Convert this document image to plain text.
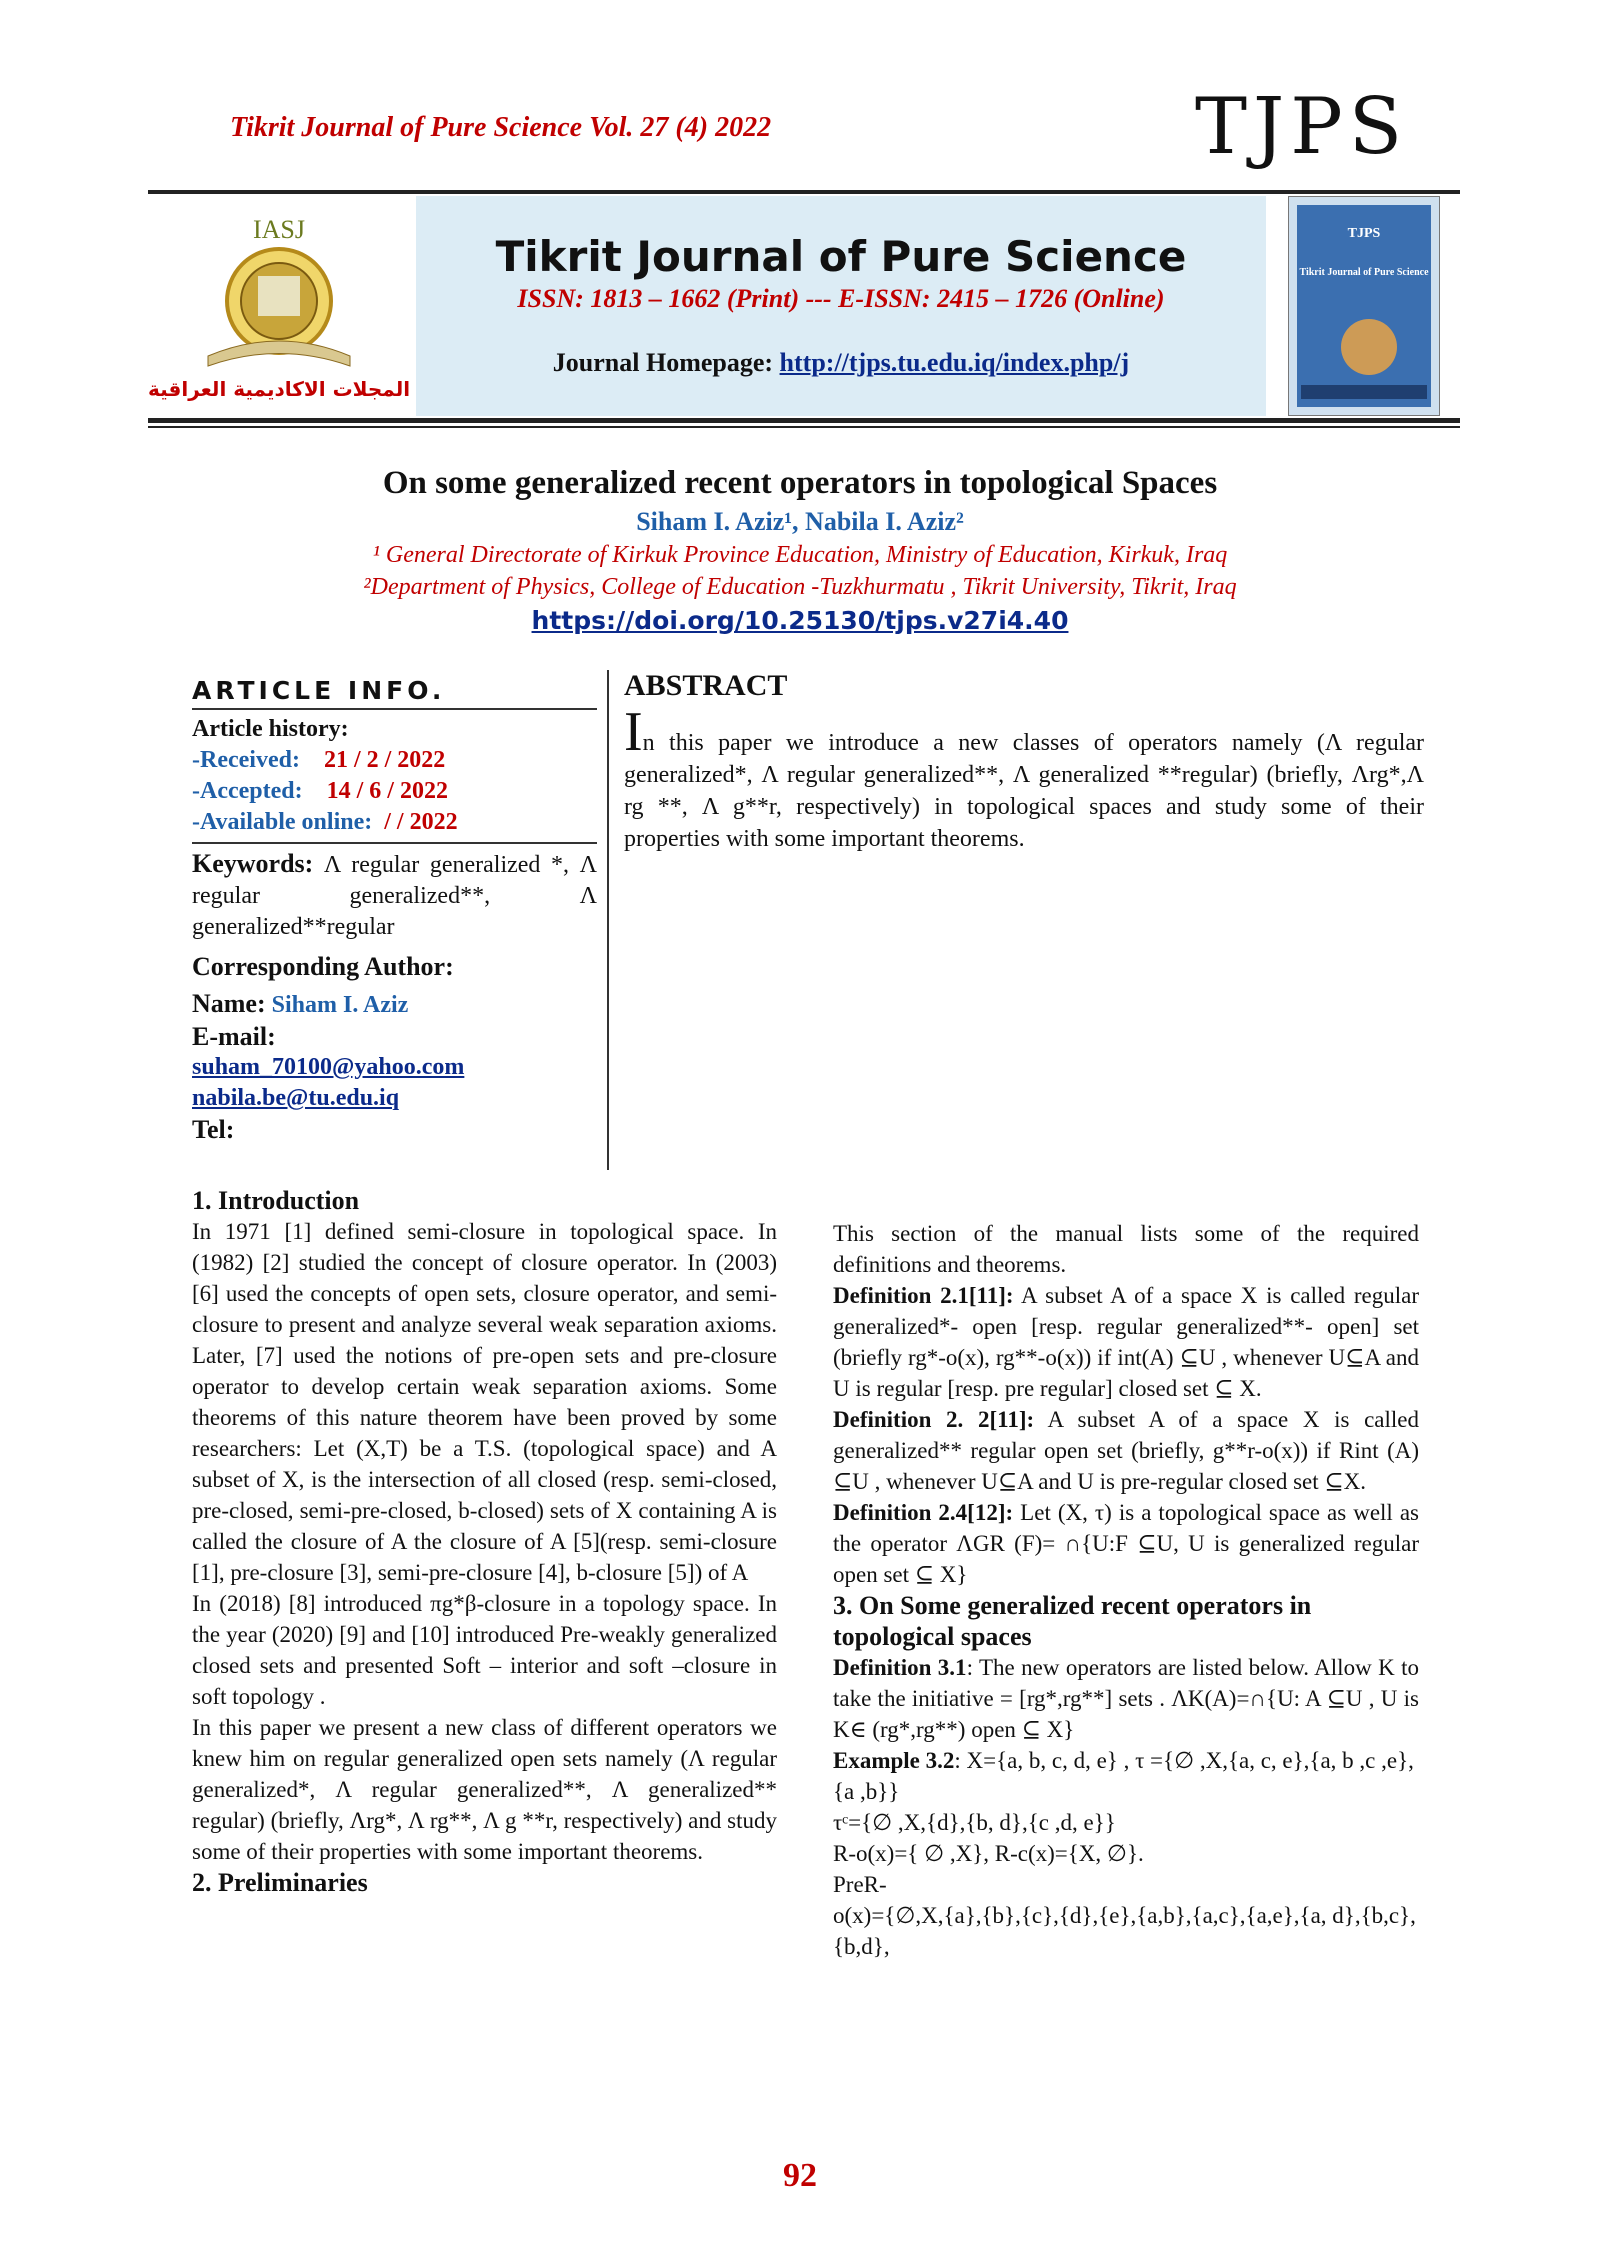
Tikrit Journal of Pure Science Vol. 27 (4) 2022	TJPS
IASJ
المجلات الاكاديمية العراقية
Tikrit Journal of Pure Science
ISSN: 1813 – 1662 (Print) --- E-ISSN: 2415 – 1726 (Online)
Journal Homepage: http://tjps.tu.edu.iq/index.php/j
TJPS
Tikrit Journal of Pure Science
On some generalized recent operators in topological Spaces
Siham I. Aziz¹, Nabila I. Aziz²
¹ General Directorate of Kirkuk Province Education, Ministry of Education, Kirkuk, Iraq
²Department of Physics, College of Education -Tuzkhurmatu , Tikrit University, Tikrit, Iraq
https://doi.org/10.25130/tjps.v27i4.40
ARTICLE INFO.
Article history:
-Received: 21 / 2 / 2022
-Accepted: 14 / 6 / 2022
-Available online: / / 2022
Keywords: Λ regular generalized *, Λ regular generalized**, Λ generalized**regular
Corresponding Author:
Name: Siham I. Aziz
E-mail:
suham_70100@yahoo.com
nabila.be@tu.edu.iq
Tel:
ABSTRACT

In this paper we introduce a new classes of operators namely (Λ regular generalized*, Λ regular generalized**, Λ generalized **regular) (briefly, Λrg*,Λ rg **, Λ g**r, respectively) in topological spaces and study some of their properties with some important theorems.

1. Introduction

In 1971 [1] defined semi-closure in topological space. In (1982) [2] studied the concept of closure operator. In (2003) [6] used the concepts of open sets, closure operator, and semi-closure to present and analyze several weak separation axioms. Later, [7] used the notions of pre-open sets and pre-closure operator to develop certain weak separation axioms. Some theorems of this nature theorem have been proved by some researchers: Let (X,T) be a T.S. (topological space) and A subset of X, is the intersection of all closed (resp. semi-closed, pre-closed, semi-pre-closed, b-closed) sets of X containing A is called the closure of A the closure of A [5](resp. semi-closure [1], pre-closure [3], semi-pre-closure [4], b-closure [5]) of A

In (2018) [8] introduced πg*β-closure in a topology space. In the year (2020) [9] and [10] introduced Pre-weakly generalized closed sets and presented Soft – interior and soft –closure in soft topology .

In this paper we present a new class of different operators we knew him on regular generalized open sets namely (Λ regular generalized*, Λ regular generalized**, Λ generalized** regular) (briefly, Λrg*, Λ rg**, Λ g **r, respectively) and study some of their properties with some important theorems.

2. Preliminaries

This section of the manual lists some of the required definitions and theorems.

Definition 2.1[11]: A subset A of a space X is called regular generalized*- open [resp. regular generalized**- open] set (briefly rg*-o(x), rg**-o(x)) if int(A) ⊆U , whenever U⊆A and U is regular [resp. pre regular] closed set ⊆ X.

Definition 2. 2[11]: A subset A of a space X is called generalized** regular open set (briefly, g**r-o(x)) if Rint (A) ⊆U , whenever U⊆A and U is pre-regular closed set ⊆X.

Definition 2.4[12]: Let (X, τ) is a topological space as well as the operator ΛGR (F)= ∩{U:F ⊆U, U is generalized regular open set ⊆ X}

3. On Some generalized recent operators in topological spaces

Definition 3.1: The new operators are listed below. Allow K to take the initiative = [rg*,rg**] sets . ΛK(A)=∩{U: A ⊆U , U is K∈ (rg*,rg**) open ⊆ X}

Example 3.2: X={a, b, c, d, e} , τ ={∅ ,X,{a, c, e},{a, b ,c ,e},{a ,b}}

τᶜ={∅ ,X,{d},{b, d},{c ,d, e}}

R-o(x)={ ∅ ,X}, R-c(x)={X, ∅}.

PreR-

o(x)={∅,X,{a},{b},{c},{d},{e},{a,b},{a,c},{a,e},{a, d},{b,c},{b,d},

92
